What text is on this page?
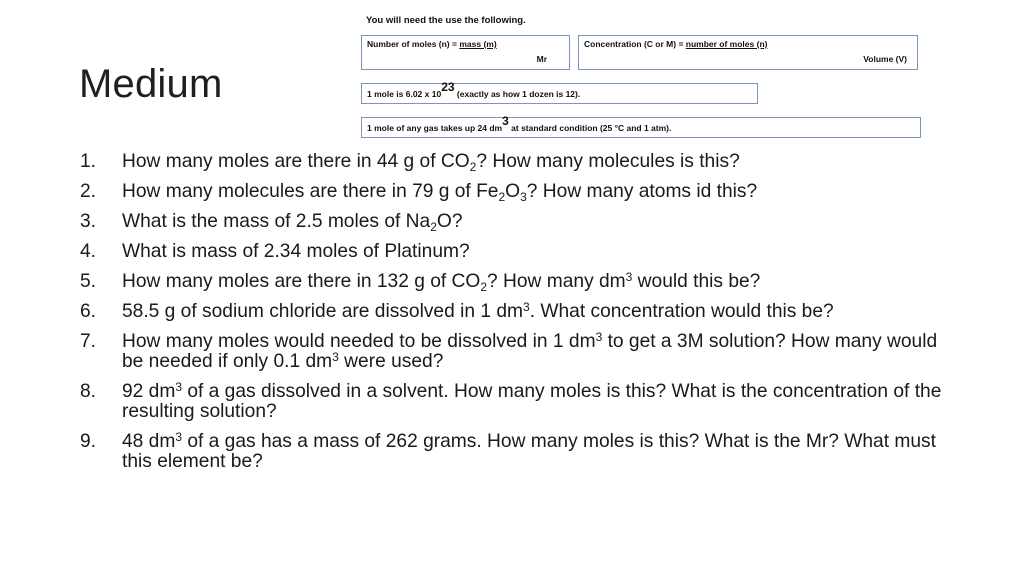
Medium
You will need the use the following.
Number of moles (n) = mass (m)
Mr
Concentration (C or M) = number of moles (n)
Volume (V)
1 mole is 6.02 x $10^{23}$ (exactly as how 1 dozen is 12).
1 mole of any gas takes up 24 $dm^3$ at standard condition (25 °C and 1 atm).
1. How many moles are there in 44 g of $CO_2$? How many molecules is this?
2. How many molecules are there in 79 g of $Fe_2O_3$? How many atoms id this?
3. What is the mass of 2.5 moles of $Na_2O$?
4. What is mass of 2.34 moles of Platinum?
5. How many moles are there in 132 g of $CO_2$? How many $dm^3$ would this be?
6. 58.5 g of sodium chloride are dissolved in 1 $dm^3$. What concentration would this be?
7. How many moles would needed to be dissolved in 1 $dm^3$ to get a 3M solution? How many would be needed if only 0.1 $dm^3$ were used?
8. 92 $dm^3$ of a gas dissolved in a solvent. How many moles is this? What is the concentration of the resulting solution?
9. 48 $dm^3$ of a gas has a mass of 262 grams. How many moles is this? What is the Mr? What must this element be?
